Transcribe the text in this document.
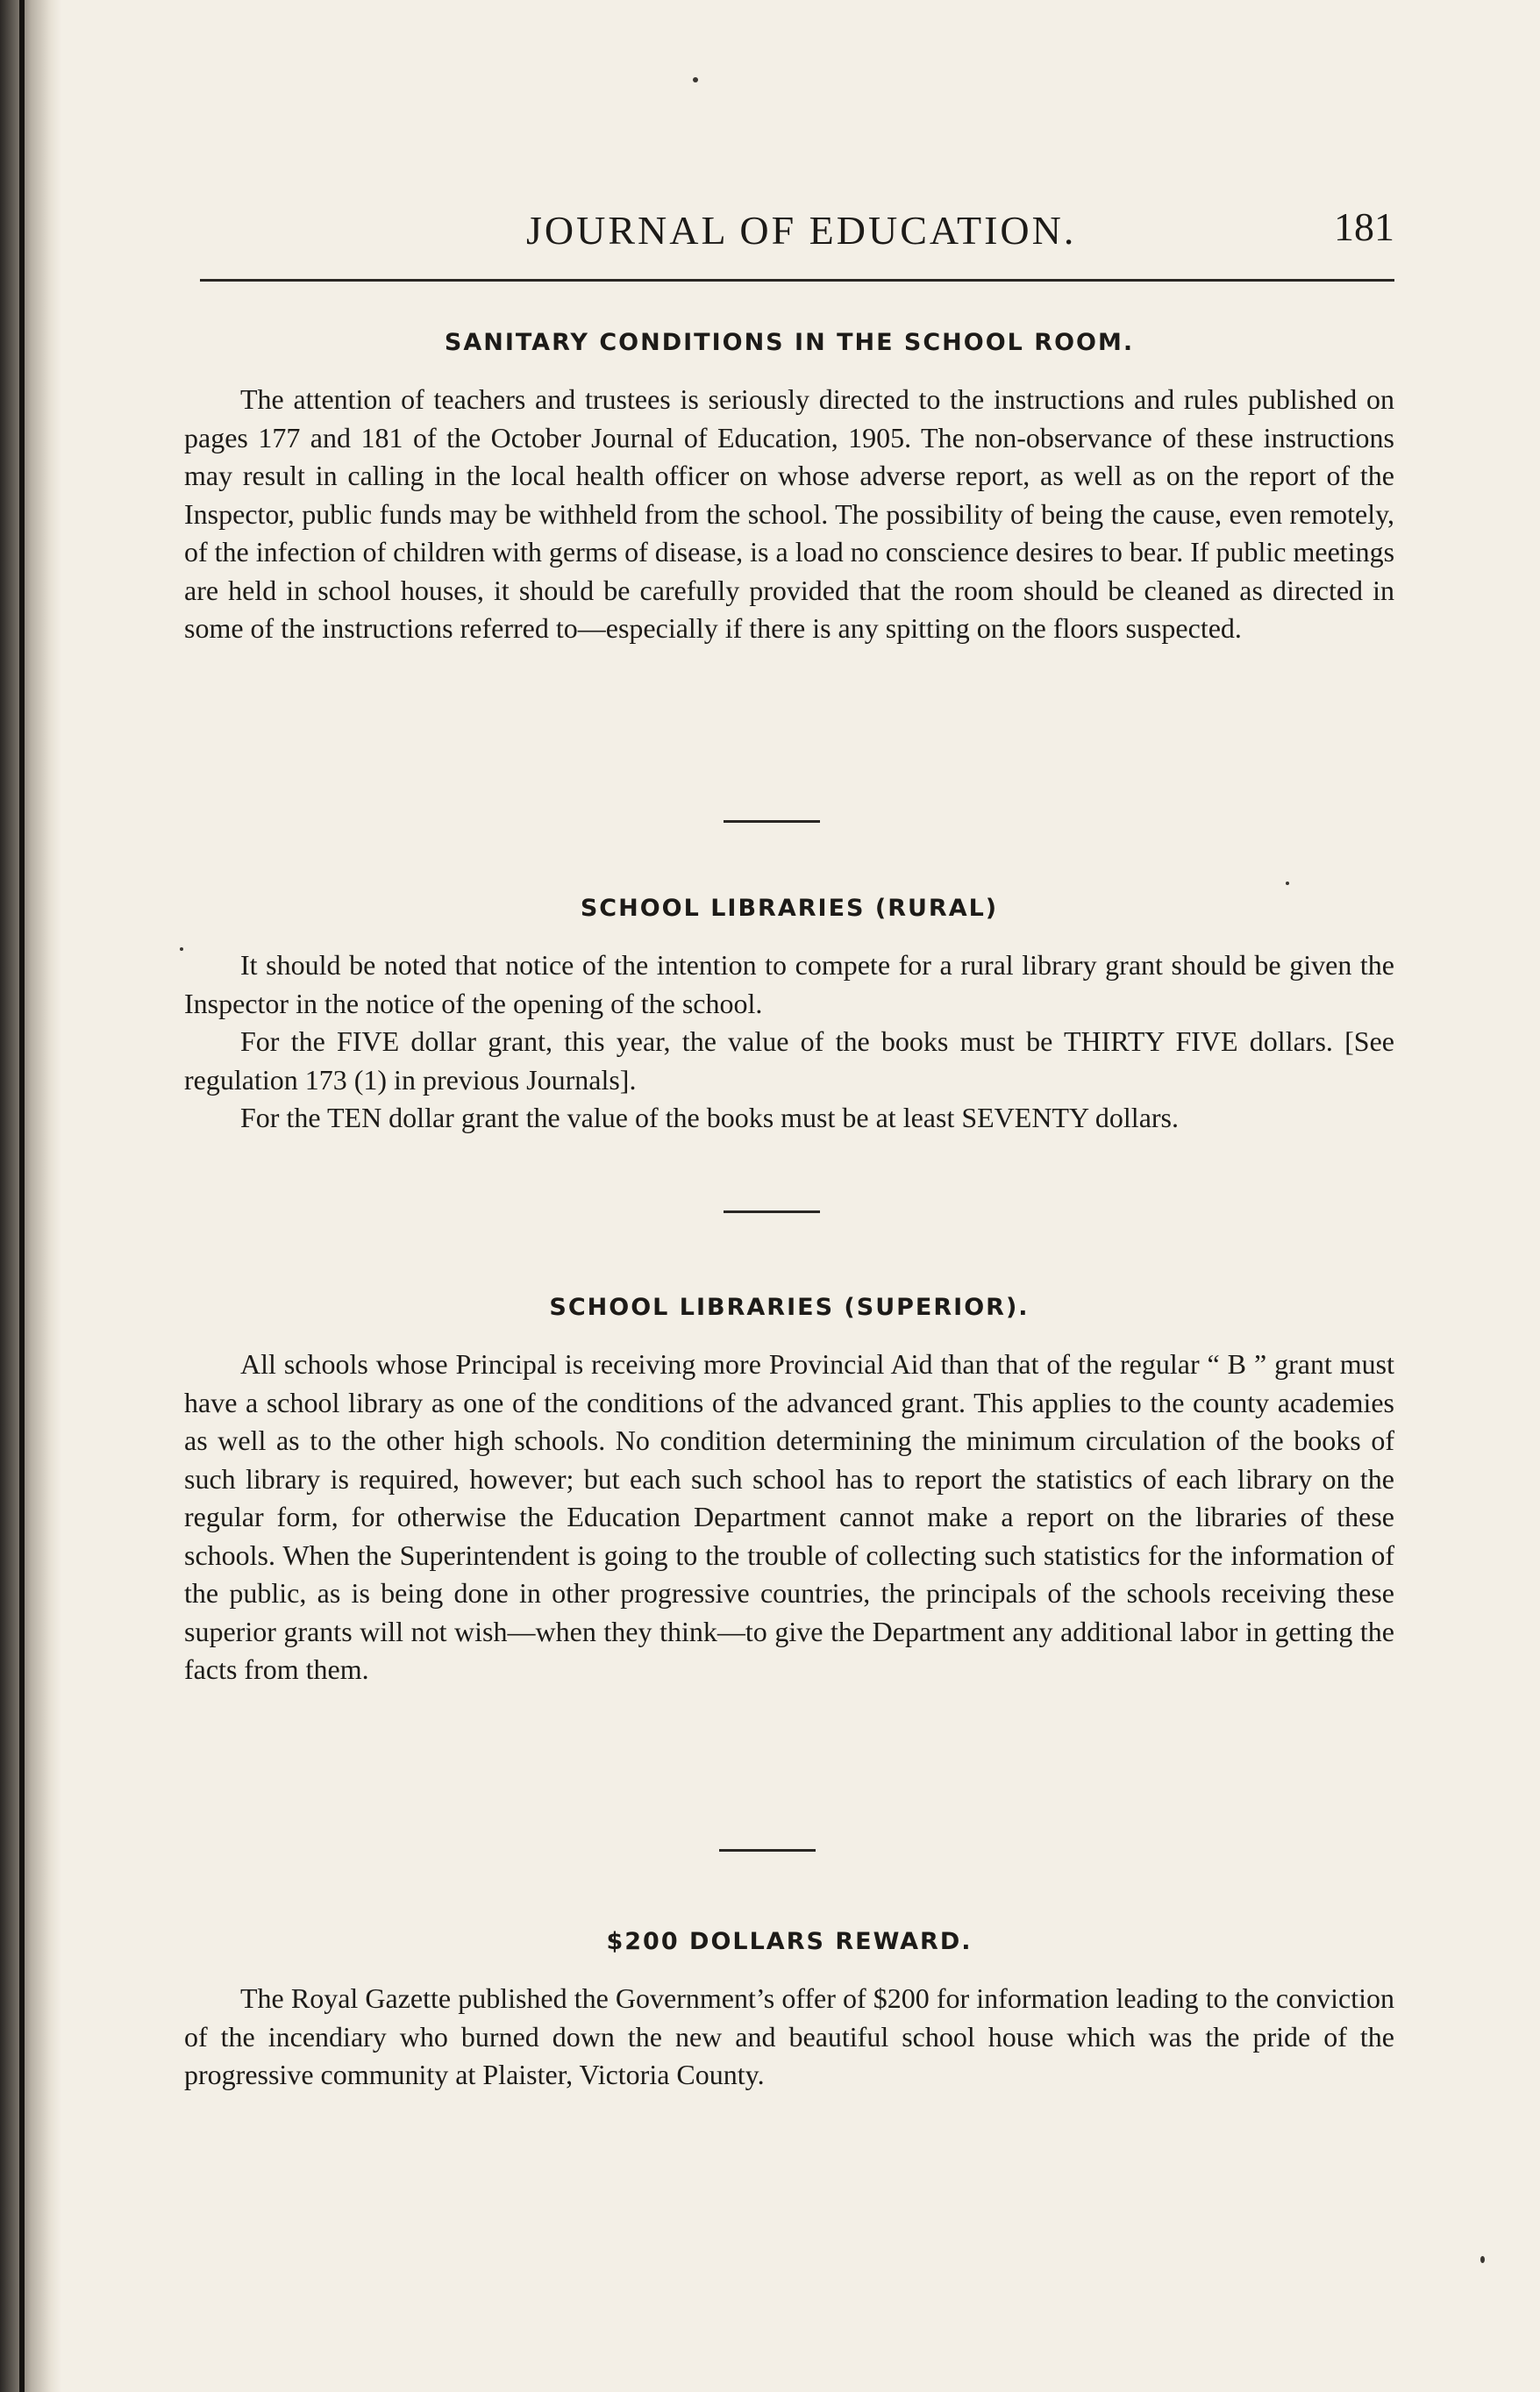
JOURNAL OF EDUCATION.	181
SANITARY CONDITIONS IN THE SCHOOL ROOM.

The attention of teachers and trustees is seriously directed to the instructions and rules published on pages 177 and 181 of the October Journal of Education, 1905. The non-observance of these instructions may result in calling in the local health officer on whose adverse report, as well as on the report of the Inspector, public funds may be withheld from the school. The possibility of being the cause, even remotely, of the infection of children with germs of disease, is a load no conscience desires to bear. If public meetings are held in school houses, it should be carefully provided that the room should be cleaned as directed in some of the instructions referred to—especially if there is any spitting on the floors suspected.

SCHOOL LIBRARIES (RURAL)

It should be noted that notice of the intention to compete for a rural library grant should be given the Inspector in the notice of the opening of the school.

For the FIVE dollar grant, this year, the value of the books must be THIRTY FIVE dollars. [See regulation 173 (1) in previous Journals].

For the TEN dollar grant the value of the books must be at least SEVENTY dollars.

SCHOOL LIBRARIES (SUPERIOR).

All schools whose Principal is receiving more Provincial Aid than that of the regular “ B ” grant must have a school library as one of the conditions of the advanced grant. This applies to the county academies as well as to the other high schools. No condition determining the minimum circulation of the books of such library is required, however; but each such school has to report the statistics of each library on the regular form, for otherwise the Education Department cannot make a report on the libraries of these schools. When the Superintendent is going to the trouble of collecting such statistics for the information of the public, as is being done in other progressive countries, the principals of the schools receiving these superior grants will not wish—when they think—to give the Department any additional labor in getting the facts from them.

$200 DOLLARS REWARD.

The Royal Gazette published the Government’s offer of $200 for information leading to the conviction of the incendiary who burned down the new and beautiful school house which was the pride of the progressive community at Plaister, Victoria County.
